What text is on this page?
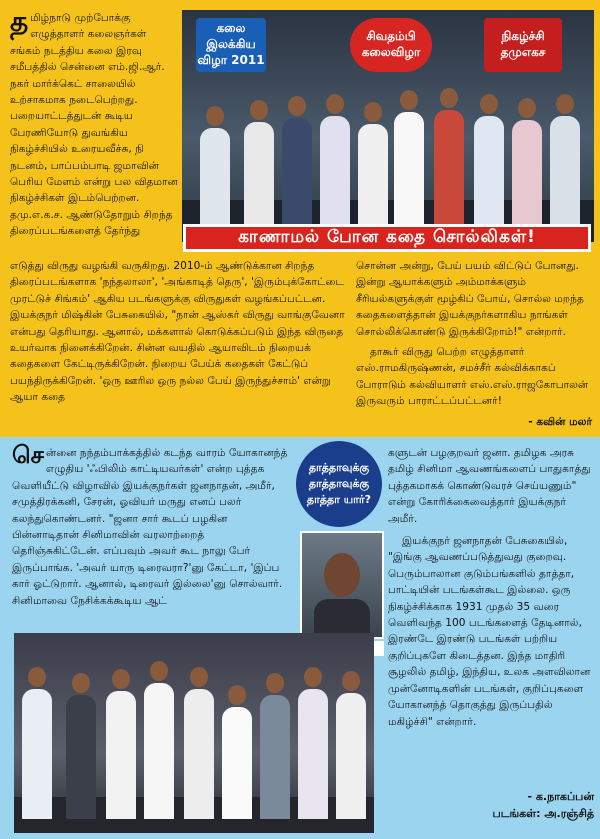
த மிழ்நாடு முற்போக்கு எழுத்தாளர் கலைஞர்கள் சங்கம் நடத்திய கலை இரவு சமீபத்தில் சென்னை எம்.ஜி.ஆர். நகர் மார்க்கெட் சாலையில் உற்சாகமாக நடைபெற்றது. பறையாட்டத்துடன் கூடிய பேரணியோடு துவங்கிய நிகழ்ச்சியில் உரையவீச்சு, நி நடனம், பாப்பம்பாடி ஜமாவின் பெரிய மேளம் என்று பல விதமான நிகழ்ச்சிகள் இடம்பெற்றன. தமு.எ.க.ச. ஆண்டுதோறும் சிறந்த திரைப்படங்களைத் தேர்ந்து
கலை இலக்கிய விழா 2011
சிவதம்பி கலைவிழா
நிகழ்ச்சி தமுஎகச
காணாமல் போன கதை சொல்லிகள்!

எடுத்து விருது வழங்கி வருகிறது. 2010-ம் ஆண்டுக்கான சிறந்த திரைப்படங்களாக 'நந்தலாலா', 'அங்காடித் தெரு', 'இரும்புக்கோட்டை முரட்டுச் சிங்கம்' ஆகிய படங்களுக்கு விருதுகள் வழங்கப்பட்டன. இயக்குநர் மிஷ்கின் பேசுகையில், "நான் ஆஸ்கர் விருது வாங்குவேனா என்பது தெரியாது. ஆனால், மக்களால் கொடுக்கப்படும் இந்த விருதை உயர்வாக நினைக்கிறேன். சின்ன வயதில் ஆயாவிடம் நிறையக் கதைகளை கேட்டிருக்கிறேன். நிறைய பேய்க் கதைகள் கேட்டுப் பயந்திருக்கிறேன். 'ஒரு ஊரில ஒரு நல்ல பேய் இருந்துச்சாம்' என்று ஆயா கதை

சொன்ன அன்று, பேய் பயம் விட்டுப் போனது. இன்று ஆயாக்களும் அம்மாக்களும் சீரியல்களுக்குள் மூழ்கிப் போய், சொல்ல மறந்த கதைகளைத்தான் இயக்குநர்களாகிய நாங்கள் சொல்லிக்கொண்டு இருக்கிறோம்!" என்றார்.

தாகூர் விருது பெற்ற எழுத்தாளர் எஸ்.ராமகிருஷ்ணன், சமச்சீர் கல்விக்காகப் போராடும் கல்வியாளர் எஸ்.எஸ்.ராஜகோபாலன் இருவரும் பாராட்டப்பட்டனர்!

- கவின் மலர்
செ ன்னை நந்தம்பாக்கத்தில் கடந்த வாரம் யோகானந்த் எழுதிய 'ஃபிலிம் காட்டியவர்கள்' என்ற புத்தக வெளியீட்டு விழாவில் இயக்குநர்கள் ஜனநாதன், அமீர், சமுத்திரக்கனி, சேரன், ஓவியர் மருது எனப் பலர் கலந்துகொண்டனர். "ஜனா சார் கூடப் பழகின பின்னாடிதான் சினிமாவின் வரலாற்றைத் தெரிஞ்சுகிட்டேன். எப்பவும் அவர் கூட நாலு பேர் இருப்பாங்க. 'அவர் யாரு டிரைவரா?'னு கேட்டா, 'இப்ப கார் ஓட்டுறார். ஆனால், டிரைவர் இல்லை'னு சொல்வார். சினிமாவை நேசிக்கக்கூடிய ஆட்
தாத்தாவுக்கு தாத்தாவுக்கு தாத்தா யார்?

களுடன் பழகுறவர் ஜனா. தமிழக அரசு தமிழ் சினிமா ஆவணங்களைப் பாதுகாத்து புத்தகமாகக் கொண்டுவரச் செய்யணும்" என்று கோரிக்கைவைத்தார் இயக்குநர் அமீர்.

இயக்குநர் ஜனநாதன் பேசுகையில், "இங்கு ஆவணப்படுத்துவது குறைவு. பெரும்பாலான குடும்பங்களில் தாத்தா, பாட்டியின் படங்கள்கூட இல்லை. ஒரு நிகழ்ச்சிக்காக 1931 முதல் 35 வரை வெளிவந்த 100 படங்களைத் தேடினால், இரண்டே இரண்டு படங்கள் பற்றிய குறிப்புகளே கிடைத்தன. இந்த மாதிரி சூழலில் தமிழ், இந்திய, உலக அளவிலான முன்னோடிகளின் படங்கள், குறிப்புகளை யோகானந்த் தொகுத்து இருப்பதில் மகிழ்ச்சி" என்றார்.

- க.நாகப்பன்
படங்கள்: அ.ரஞ்சித்
